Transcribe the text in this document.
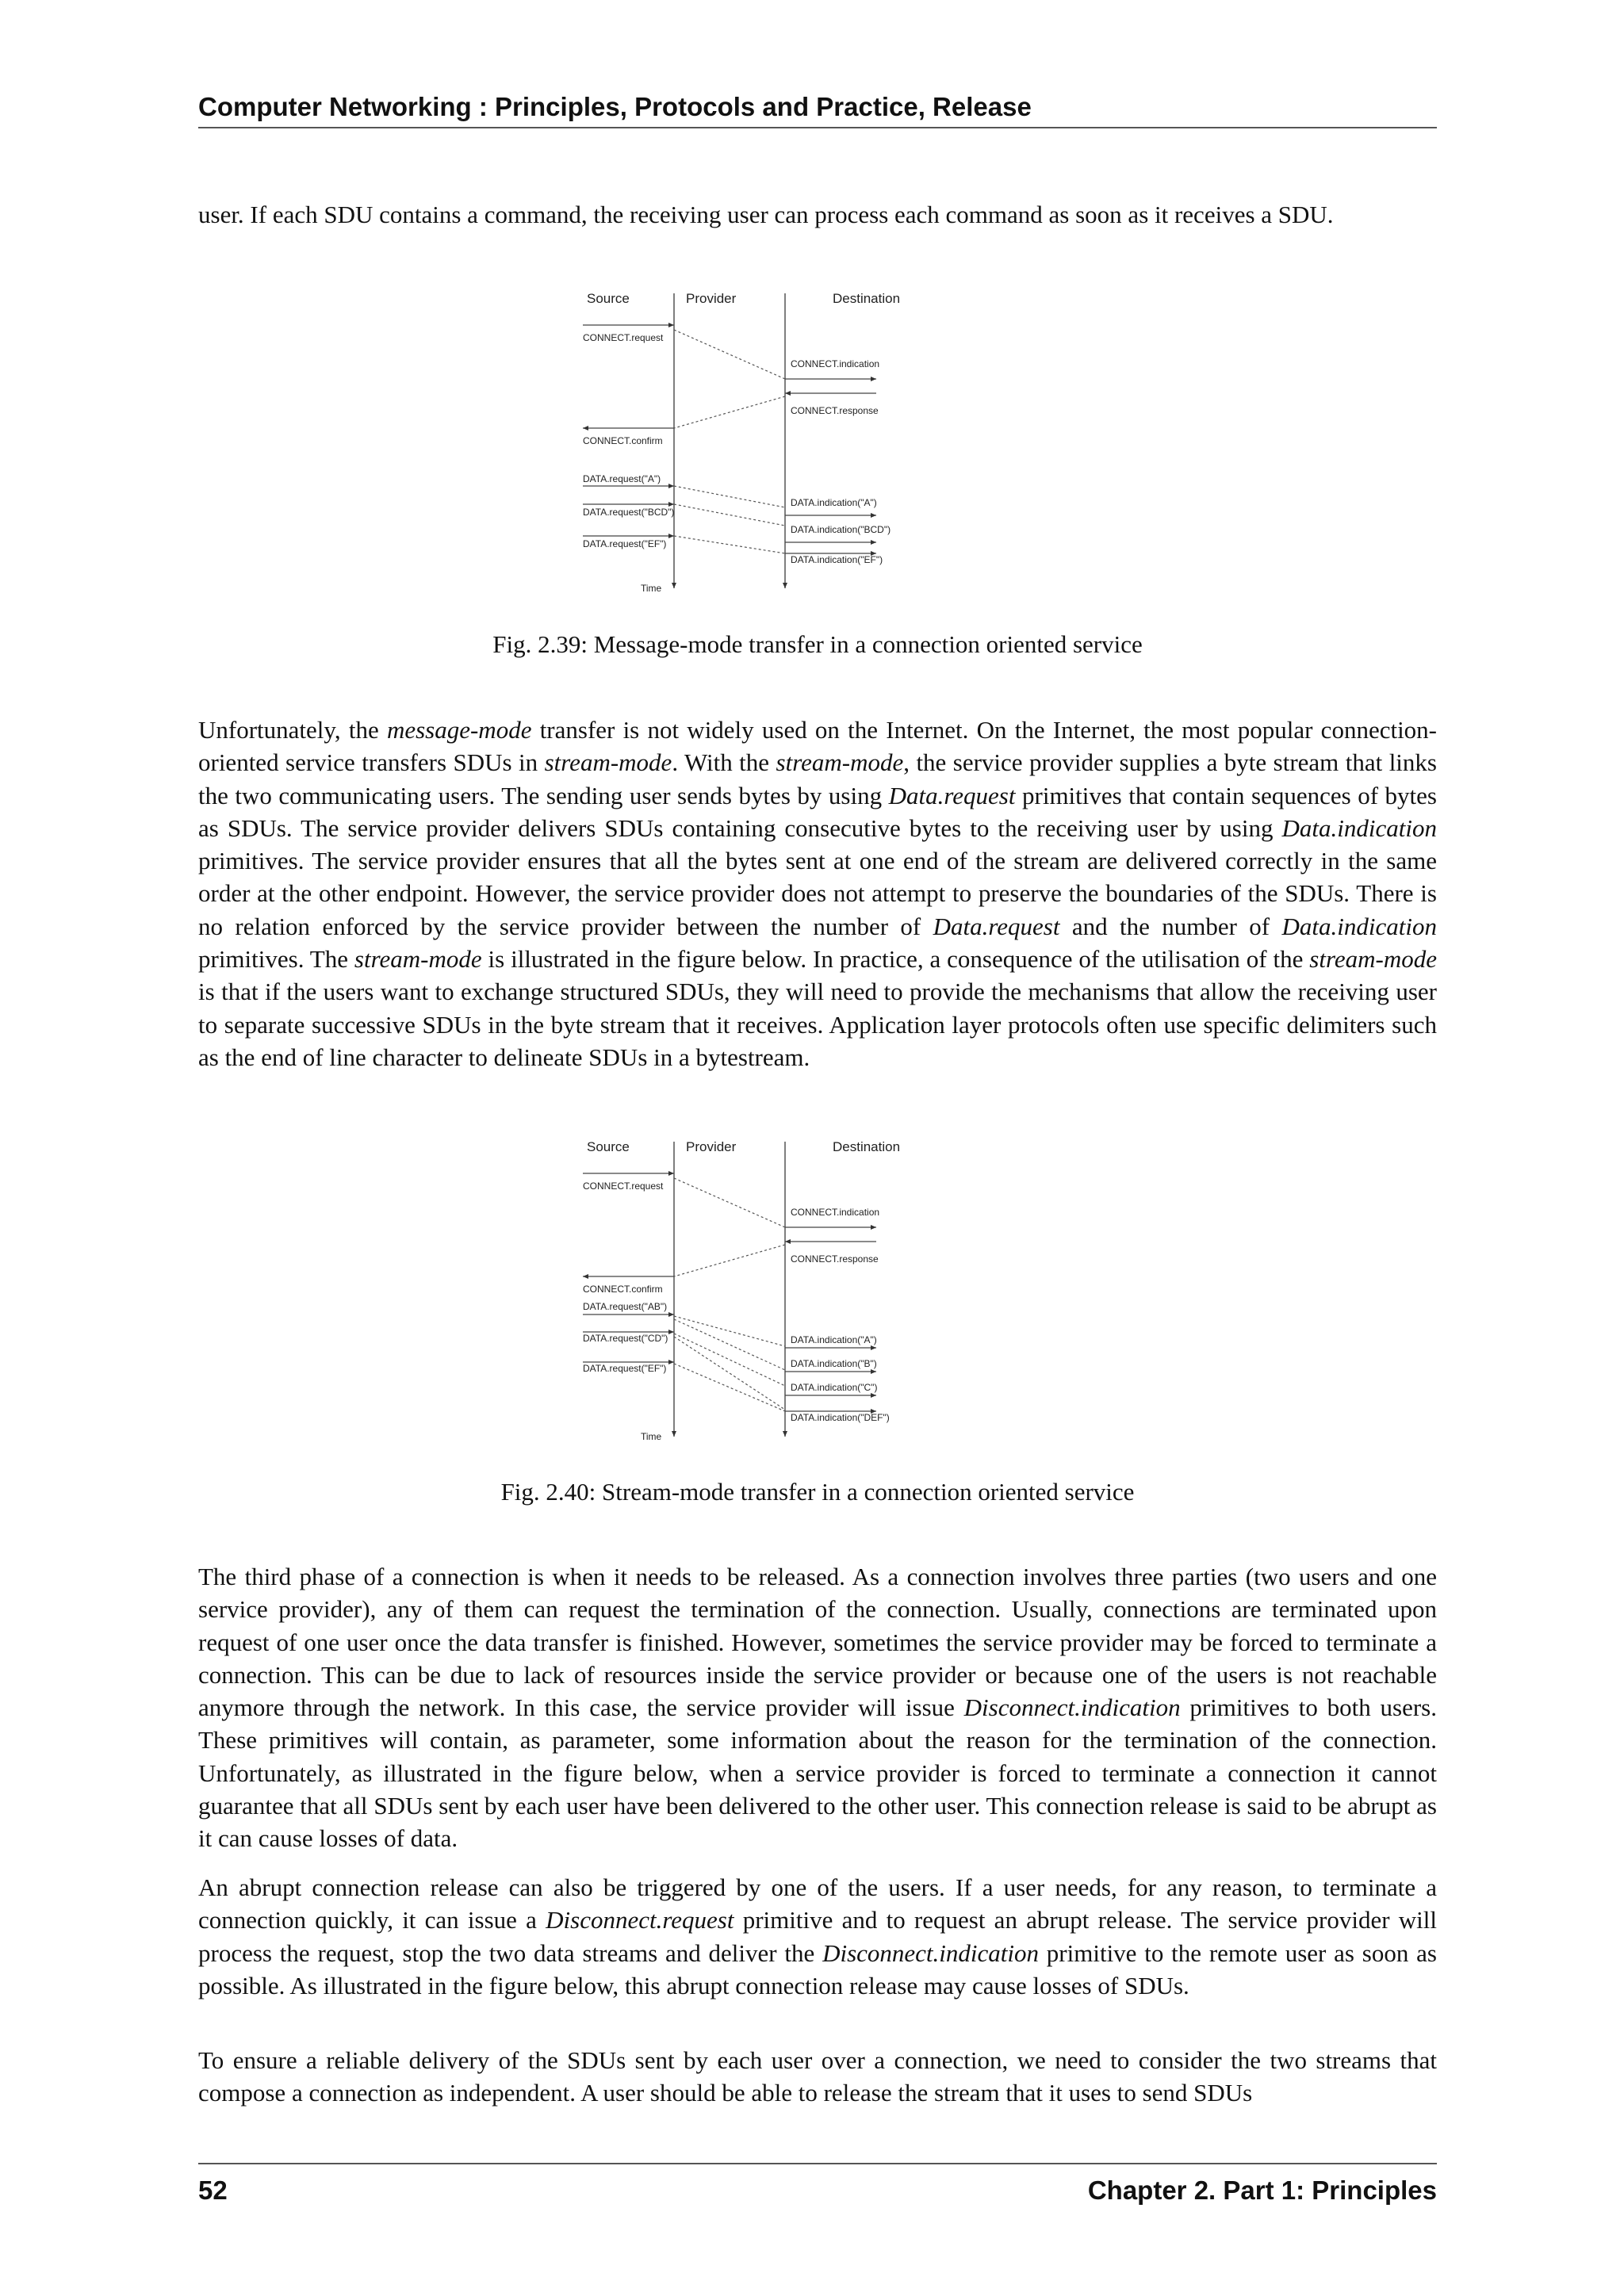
Computer Networking : Principles, Protocols and Practice, Release

user. If each SDU contains a command, the receiving user can process each command as soon as it receives a SDU.

Source	Provider	Destination
Time
CONNECT.request
CONNECT.indication
CONNECT.response
CONNECT.confirm
DATA.request("A")
DATA.request("BCD")
DATA.request("EF")
DATA.indication("A")
DATA.indication("BCD")
DATA.indication("EF")

Fig. 2.39: Message-mode transfer in a connection oriented service

Unfortunately, the message-mode transfer is not widely used on the Internet. On the Internet, the most popular connection-oriented service transfers SDUs in stream-mode. With the stream-mode, the service provider supplies a byte stream that links the two communicating users. The sending user sends bytes by using Data.request primitives that contain sequences of bytes as SDUs. The service provider delivers SDUs containing consecutive bytes to the receiving user by using Data.indication primitives. The service provider ensures that all the bytes sent at one end of the stream are delivered correctly in the same order at the other endpoint. However, the service provider does not attempt to preserve the boundaries of the SDUs. There is no relation enforced by the service provider between the number of Data.request and the number of Data.indication primitives. The stream-mode is illustrated in the figure below. In practice, a consequence of the utilisation of the stream-mode is that if the users want to exchange structured SDUs, they will need to provide the mechanisms that allow the receiving user to separate successive SDUs in the byte stream that it receives. Application layer protocols often use specific delimiters such as the end of line character to delineate SDUs in a bytestream.

Source	Provider	Destination
Time
CONNECT.request
CONNECT.indication
CONNECT.response
CONNECT.confirm
DATA.request("AB")
DATA.request("CD")
DATA.request("EF")
DATA.indication("A")
DATA.indication("B")
DATA.indication("C")
DATA.indication("DEF")

Fig. 2.40: Stream-mode transfer in a connection oriented service

The third phase of a connection is when it needs to be released. As a connection involves three parties (two users and one service provider), any of them can request the termination of the connection. Usually, connections are terminated upon request of one user once the data transfer is finished. However, sometimes the service provider may be forced to terminate a connection. This can be due to lack of resources inside the service provider or because one of the users is not reachable anymore through the network. In this case, the service provider will issue Disconnect.indication primitives to both users. These primitives will contain, as parameter, some information about the reason for the termination of the connection. Unfortunately, as illustrated in the figure below, when a service provider is forced to terminate a connection it cannot guarantee that all SDUs sent by each user have been delivered to the other user. This connection release is said to be abrupt as it can cause losses of data.

An abrupt connection release can also be triggered by one of the users. If a user needs, for any reason, to terminate a connection quickly, it can issue a Disconnect.request primitive and to request an abrupt release. The service provider will process the request, stop the two data streams and deliver the Disconnect.indication primitive to the remote user as soon as possible. As illustrated in the figure below, this abrupt connection release may cause losses of SDUs.

To ensure a reliable delivery of the SDUs sent by each user over a connection, we need to consider the two streams that compose a connection as independent. A user should be able to release the stream that it uses to send SDUs

52	Chapter 2. Part 1: Principles
